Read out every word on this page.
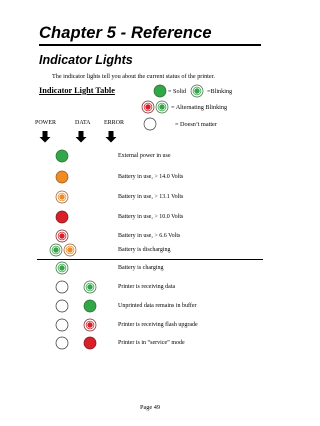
Chapter 5 - Reference
Indicator Lights
The indicator lights tell you about the current status of the printer.
Indicator Light Table	= Solid	=Blinking
= Alternating Blinking
POWER	DATA ERROR	= Doesn’t matter
External power in use
Battery in use, > 14.0 Volts
Battery in use, > 13.1 Volts
Battery in use, > 10.0 Volts
Battery in use, > 6.6 Volts
Battery is discharging
Battery is charging
Printer is receiving data
Unprinted data remains in buffer
Printer is receiving flash upgrade
Printer is in “service” mode
Page 49
